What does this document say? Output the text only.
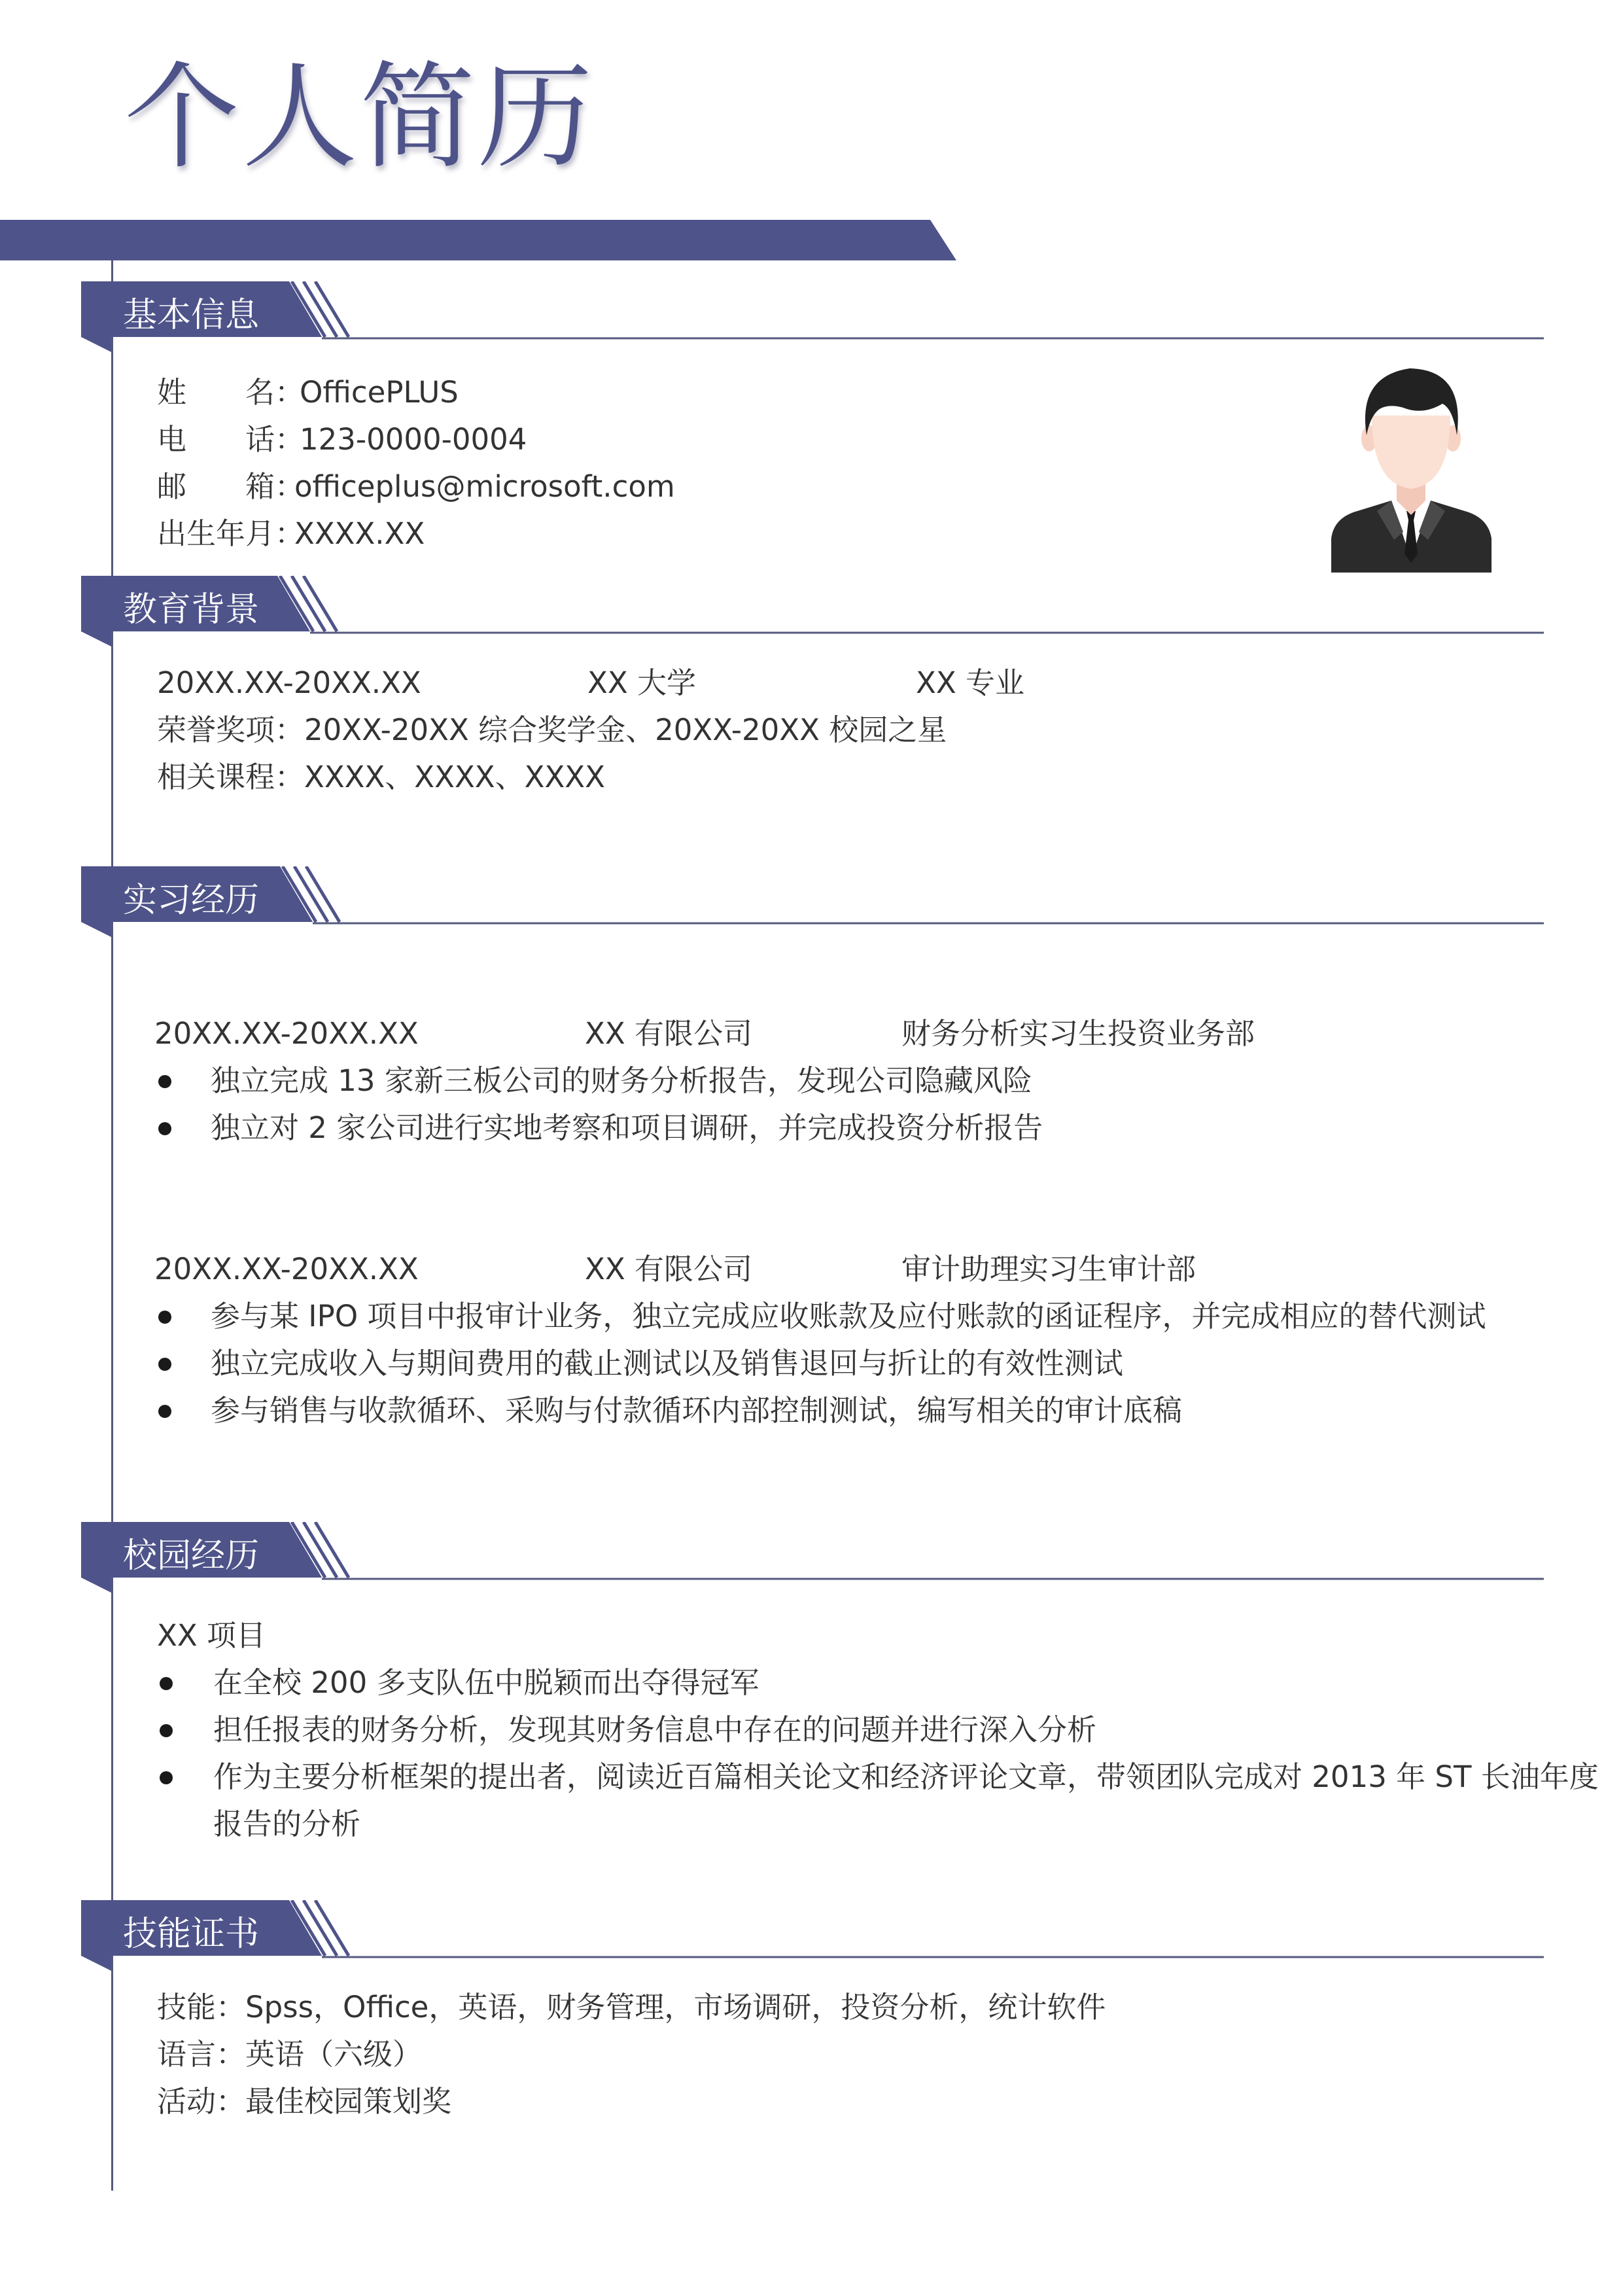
个人简历
基本信息
姓　　名：
OfficePLUS
电　　话：
123-0000-0004
邮　　箱：
officeplus@microsoft.com
出生年月：
XXXX.XX
教育背景
20XX.XX-20XX.XX	XX 大学	XX 专业
荣誉奖项：20XX-20XX 综合奖学金、20XX-20XX 校园之星
相关课程：XXXX、XXXX、XXXX
实习经历
20XX.XX-20XX.XX	XX 有限公司	财务分析实习生投资业务部
独立完成 13 家新三板公司的财务分析报告，发现公司隐藏风险
独立对 2 家公司进行实地考察和项目调研，并完成投资分析报告
20XX.XX-20XX.XX	XX 有限公司	审计助理实习生审计部
参与某 IPO 项目中报审计业务，独立完成应收账款及应付账款的函证程序，并完成相应的替代测试
独立完成收入与期间费用的截止测试以及销售退回与折让的有效性测试
参与销售与收款循环、采购与付款循环内部控制测试，编写相关的审计底稿
校园经历
XX 项目
在全校 200 多支队伍中脱颖而出夺得冠军
担任报表的财务分析，发现其财务信息中存在的问题并进行深入分析
作为主要分析框架的提出者，阅读近百篇相关论文和经济评论文章，带领团队完成对 2013 年 ST 长油年度
报告的分析
技能证书
技能：Spss，Office，英语，财务管理，市场调研，投资分析，统计软件
语言：英语（六级）
活动：最佳校园策划奖
